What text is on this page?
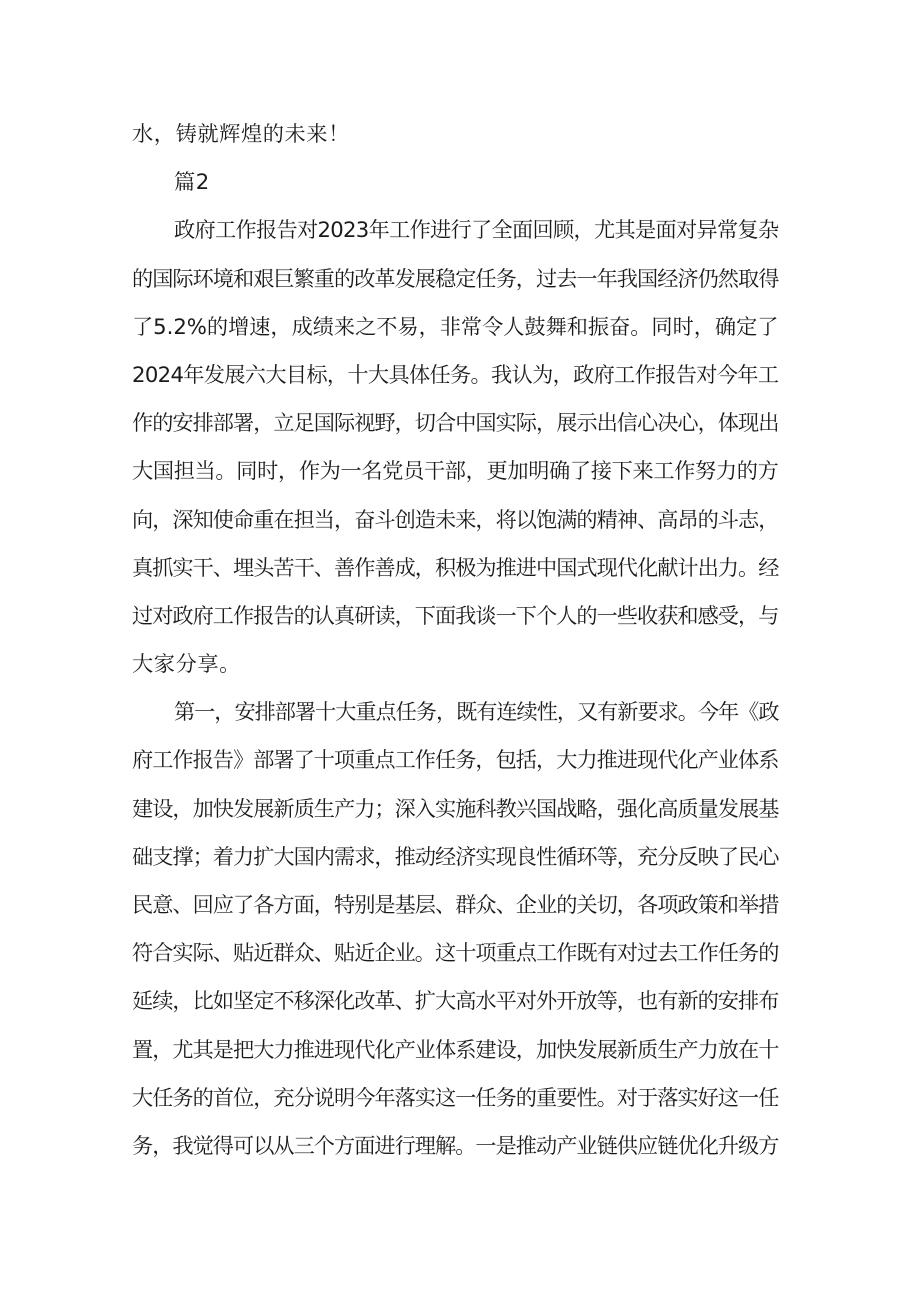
水，铸就辉煌的未来！
篇2
政府工作报告对2023年工作进行了全面回顾，尤其是面对异常复杂
的国际环境和艰巨繁重的改革发展稳定任务，过去一年我国经济仍然取得
了5.2%的增速，成绩来之不易，非常令人鼓舞和振奋。同时，确定了
2024年发展六大目标，十大具体任务。我认为，政府工作报告对今年工
作的安排部署，立足国际视野，切合中国实际，展示出信心决心，体现出
大国担当。同时，作为一名党员干部，更加明确了接下来工作努力的方
向，深知使命重在担当，奋斗创造未来，将以饱满的精神、高昂的斗志，
真抓实干、埋头苦干、善作善成，积极为推进中国式现代化献计出力。经
过对政府工作报告的认真研读，下面我谈一下个人的一些收获和感受，与
大家分享。
第一，安排部署十大重点任务，既有连续性，又有新要求。今年《政
府工作报告》部署了十项重点工作任务，包括，大力推进现代化产业体系
建设，加快发展新质生产力；深入实施科教兴国战略，强化高质量发展基
础支撑；着力扩大国内需求，推动经济实现良性循环等，充分反映了民心
民意、回应了各方面，特别是基层、群众、企业的关切，各项政策和举措
符合实际、贴近群众、贴近企业。这十项重点工作既有对过去工作任务的
延续，比如坚定不移深化改革、扩大高水平对外开放等，也有新的安排布
置，尤其是把大力推进现代化产业体系建设，加快发展新质生产力放在十
大任务的首位，充分说明今年落实这一任务的重要性。对于落实好这一任
务，我觉得可以从三个方面进行理解。一是推动产业链供应链优化升级方
